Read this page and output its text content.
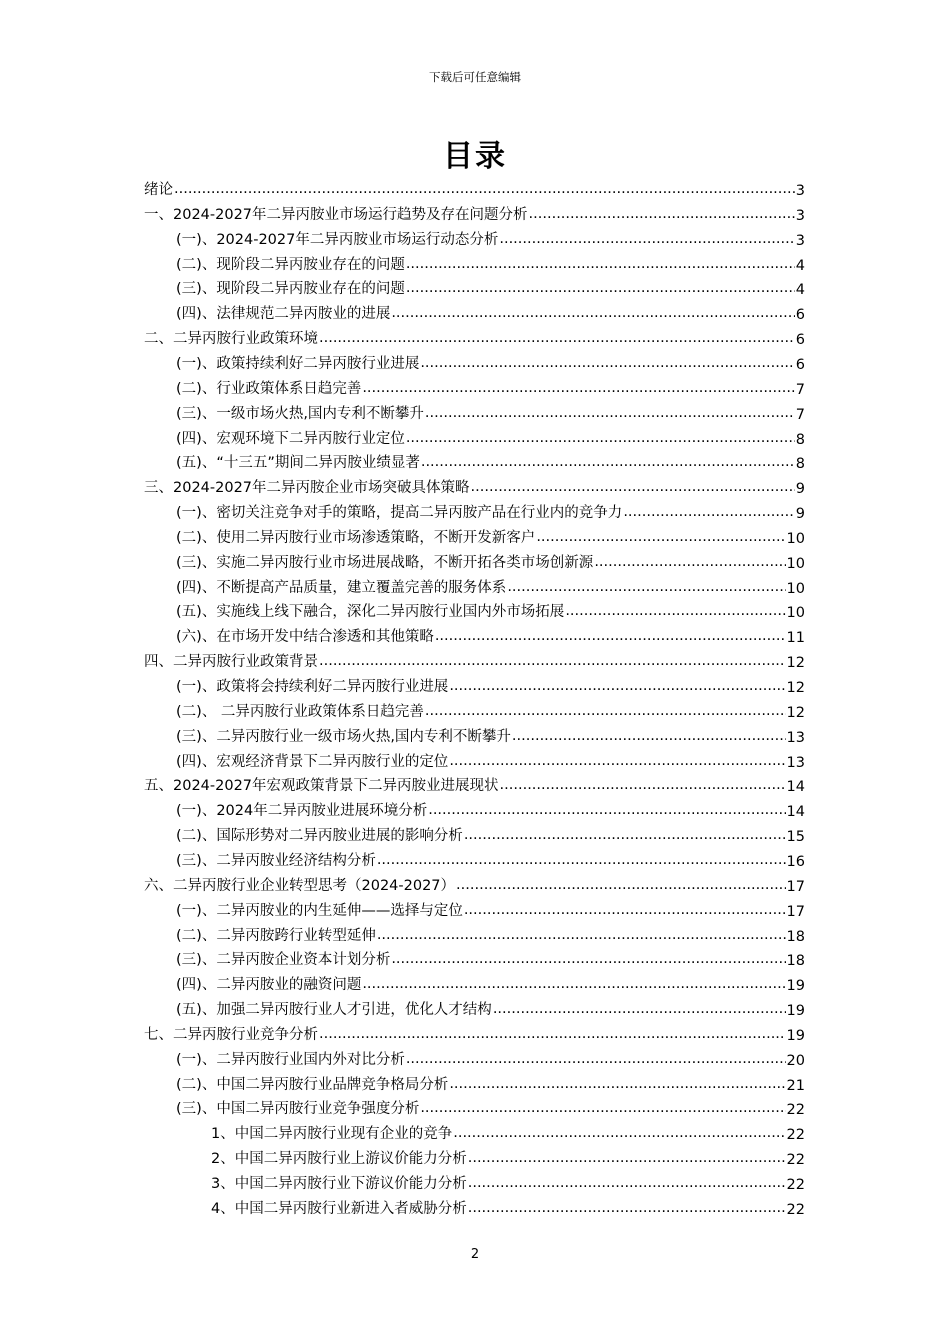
下载后可任意编辑
目录
绪论 .....	3
一、2024-2027年二异丙胺业市场运行趋势及存在问题分析 .....	3
(一)、2024-2027年二异丙胺业市场运行动态分析 .....	3
(二)、现阶段二异丙胺业存在的问题 .....	4
(三)、现阶段二异丙胺业存在的问题 .....	4
(四)、法律规范二异丙胺业的进展 .....	6
二、二异丙胺行业政策环境 .....	6
(一)、政策持续利好二异丙胺行业进展 .....	6
(二)、行业政策体系日趋完善 .....	7
(三)、一级市场火热,国内专利不断攀升 .....	7
(四)、宏观环境下二异丙胺行业定位 .....	8
(五)、“十三五”期间二异丙胺业绩显著 .....	8
三、2024-2027年二异丙胺企业市场突破具体策略 .....	9
(一)、密切关注竞争对手的策略，提高二异丙胺产品在行业内的竞争力 .....	9
(二)、使用二异丙胺行业市场渗透策略，不断开发新客户 .....	10
(三)、实施二异丙胺行业市场进展战略，不断开拓各类市场创新源 .....	10
(四)、不断提高产品质量，建立覆盖完善的服务体系 .....	10
(五)、实施线上线下融合，深化二异丙胺行业国内外市场拓展 .....	10
(六)、在市场开发中结合渗透和其他策略 .....	11
四、二异丙胺行业政策背景 .....	12
(一)、政策将会持续利好二异丙胺行业进展 .....	12
(二)、 二异丙胺行业政策体系日趋完善 .....	12
(三)、二异丙胺行业一级市场火热,国内专利不断攀升 .....	13
(四)、宏观经济背景下二异丙胺行业的定位 .....	13
五、2024-2027年宏观政策背景下二异丙胺业进展现状 .....	14
(一)、2024年二异丙胺业进展环境分析 .....	14
(二)、国际形势对二异丙胺业进展的影响分析 .....	15
(三)、二异丙胺业经济结构分析 .....	16
六、二异丙胺行业企业转型思考（2024-2027） .....	17
(一)、二异丙胺业的内生延伸——选择与定位 .....	17
(二)、二异丙胺跨行业转型延伸 .....	18
(三)、二异丙胺企业资本计划分析 .....	18
(四)、二异丙胺业的融资问题 .....	19
(五)、加强二异丙胺行业人才引进，优化人才结构 .....	19
七、二异丙胺行业竞争分析 .....	19
(一)、二异丙胺行业国内外对比分析 .....	20
(二)、中国二异丙胺行业品牌竞争格局分析 .....	21
(三)、中国二异丙胺行业竞争强度分析 .....	22
1、中国二异丙胺行业现有企业的竞争 .....	22
2、中国二异丙胺行业上游议价能力分析 .....	22
3、中国二异丙胺行业下游议价能力分析 .....	22
4、中国二异丙胺行业新进入者威胁分析 .....	22
2
